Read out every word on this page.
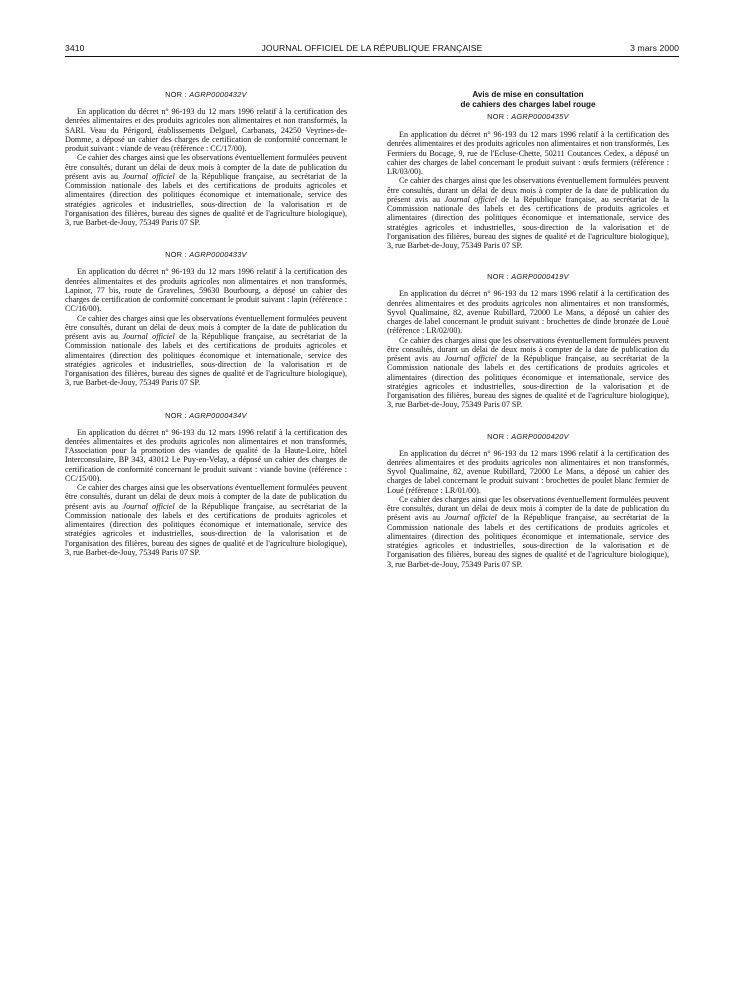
3410	JOURNAL OFFICIEL DE LA RÉPUBLIQUE FRANÇAISE	3 mars 2000
NOR : AGRP0000432V

En application du décret n° 96-193 du 12 mars 1996 relatif à la certification des denrées alimentaires et des produits agricoles non alimentaires et non transformés, la SARL Veau du Périgord, établissements Delguel, Carbanats, 24250 Veyrines-de-Domme, a déposé un cahier des charges de certification de conformité concernant le produit suivant : viande de veau (référence : CC/17/00).

Ce cahier des charges ainsi que les observations éventuellement formulées peuvent être consultés, durant un délai de deux mois à compter de la date de publication du présent avis au Journal officiel de la République française, au secrétariat de la Commission nationale des labels et des certifications de produits agricoles et alimentaires (direction des politiques économique et internationale, service des stratégies agricoles et industrielles, sous-direction de la valorisation et de l'organisation des filières, bureau des signes de qualité et de l'agriculture biologique), 3, rue Barbet-de-Jouy, 75349 Paris 07 SP.

NOR : AGRP0000433V

En application du décret n° 96-193 du 12 mars 1996 relatif à la certification des denrées alimentaires et des produits agricoles non alimentaires et non transformés, Lapinor, 77 bis, route de Gravelines, 59630 Bourbourg, a déposé un cahier des charges de certification de conformité concernant le produit suivant : lapin (référence : CC/16/00).

Ce cahier des charges ainsi que les observations éventuellement formulées peuvent être consultés, durant un délai de deux mois à compter de la date de publication du présent avis au Journal officiel de la République française, au secrétariat de la Commission nationale des labels et des certifications de produits agricoles et alimentaires (direction des politiques économique et internationale, service des stratégies agricoles et industrielles, sous-direction de la valorisation et de l'organisation des filières, bureau des signes de qualité et de l'agriculture biologique), 3, rue Barbet-de-Jouy, 75349 Paris 07 SP.

NOR : AGRP0000434V

En application du décret n° 96-193 du 12 mars 1996 relatif à la certification des denrées alimentaires et des produits agricoles non alimentaires et non transformés, l'Association pour la promotion des viandes de qualité de la Haute-Loire, hôtel Interconsulaire, BP 343, 43012 Le Puy-en-Velay, a déposé un cahier des charges de certification de conformité concernant le produit suivant : viande bovine (référence : CC/15/00).

Ce cahier des charges ainsi que les observations éventuellement formulées peuvent être consultés, durant un délai de deux mois à compter de la date de publication du présent avis au Journal officiel de la République française, au secrétariat de la Commission nationale des labels et des certifications de produits agricoles et alimentaires (direction des politiques économique et internationale, service des stratégies agricoles et industrielles, sous-direction de la valorisation et de l'organisation des filières, bureau des signes de qualité et de l'agriculture biologique), 3, rue Barbet-de-Jouy, 75349 Paris 07 SP.

Avis de mise en consultation
de cahiers des charges label rouge
NOR : AGRP0000435V

En application du décret n° 96-193 du 12 mars 1996 relatif à la certification des denrées alimentaires et des produits agricoles non alimentaires et non transformés, Les Fermiers du Bocage, 9, rue de l'Ecluse-Chette, 50211 Coutances Cedex, a déposé un cahier des charges de label concernant le produit suivant : œufs fermiers (référence : LR/03/00).

Ce cahier des charges ainsi que les observations éventuellement formulées peuvent être consultés, durant un délai de deux mois à compter de la date de publication du présent avis au Journal officiel de la République française, au secrétariat de la Commission nationale des labels et des certifications de produits agricoles et alimentaires (direction des politiques économique et internationale, service des stratégies agricoles et industrielles, sous-direction de la valorisation et de l'organisation des filières, bureau des signes de qualité et de l'agriculture biologique), 3, rue Barbet-de-Jouy, 75349 Paris 07 SP.

NOR : AGRP0000419V

En application du décret n° 96-193 du 12 mars 1996 relatif à la certification des denrées alimentaires et des produits agricoles non alimentaires et non transformés, Syvol Qualimaine, 82, avenue Rubillard, 72000 Le Mans, a déposé un cahier des charges de label concernant le produit suivant : brochettes de dinde bronzée de Loué (référence : LR/02/00).

Ce cahier des charges ainsi que les observations éventuellement formulées peuvent être consultés, durant un délai de deux mois à compter de la date de publication du présent avis au Journal officiel de la République française, au secrétariat de la Commission nationale des labels et des certifications de produits agricoles et alimentaires (direction des politiques économique et internationale, service des stratégies agricoles et industrielles, sous-direction de la valorisation et de l'organisation des filières, bureau des signes de qualité et de l'agriculture biologique), 3, rue Barbet-de-Jouy, 75349 Paris 07 SP.

NOR : AGRP0000420V

En application du décret n° 96-193 du 12 mars 1996 relatif à la certification des denrées alimentaires et des produits agricoles non alimentaires et non transformés, Syvol Qualimaine, 82, avenue Rubillard, 72000 Le Mans, a déposé un cahier des charges de label concernant le produit suivant : brochettes de poulet blanc fermier de Loué (référence : LR/01/00).

Ce cahier des charges ainsi que les observations éventuellement formulées peuvent être consultés, durant un délai de deux mois à compter de la date de publication du présent avis au Journal officiel de la République française, au secrétariat de la Commission nationale des labels et des certifications de produits agricoles et alimentaires (direction des politiques économique et internationale, service des stratégies agricoles et industrielles, sous-direction de la valorisation et de l'organisation des filières, bureau des signes de qualité et de l'agriculture biologique), 3, rue Barbet-de-Jouy, 75349 Paris 07 SP.
